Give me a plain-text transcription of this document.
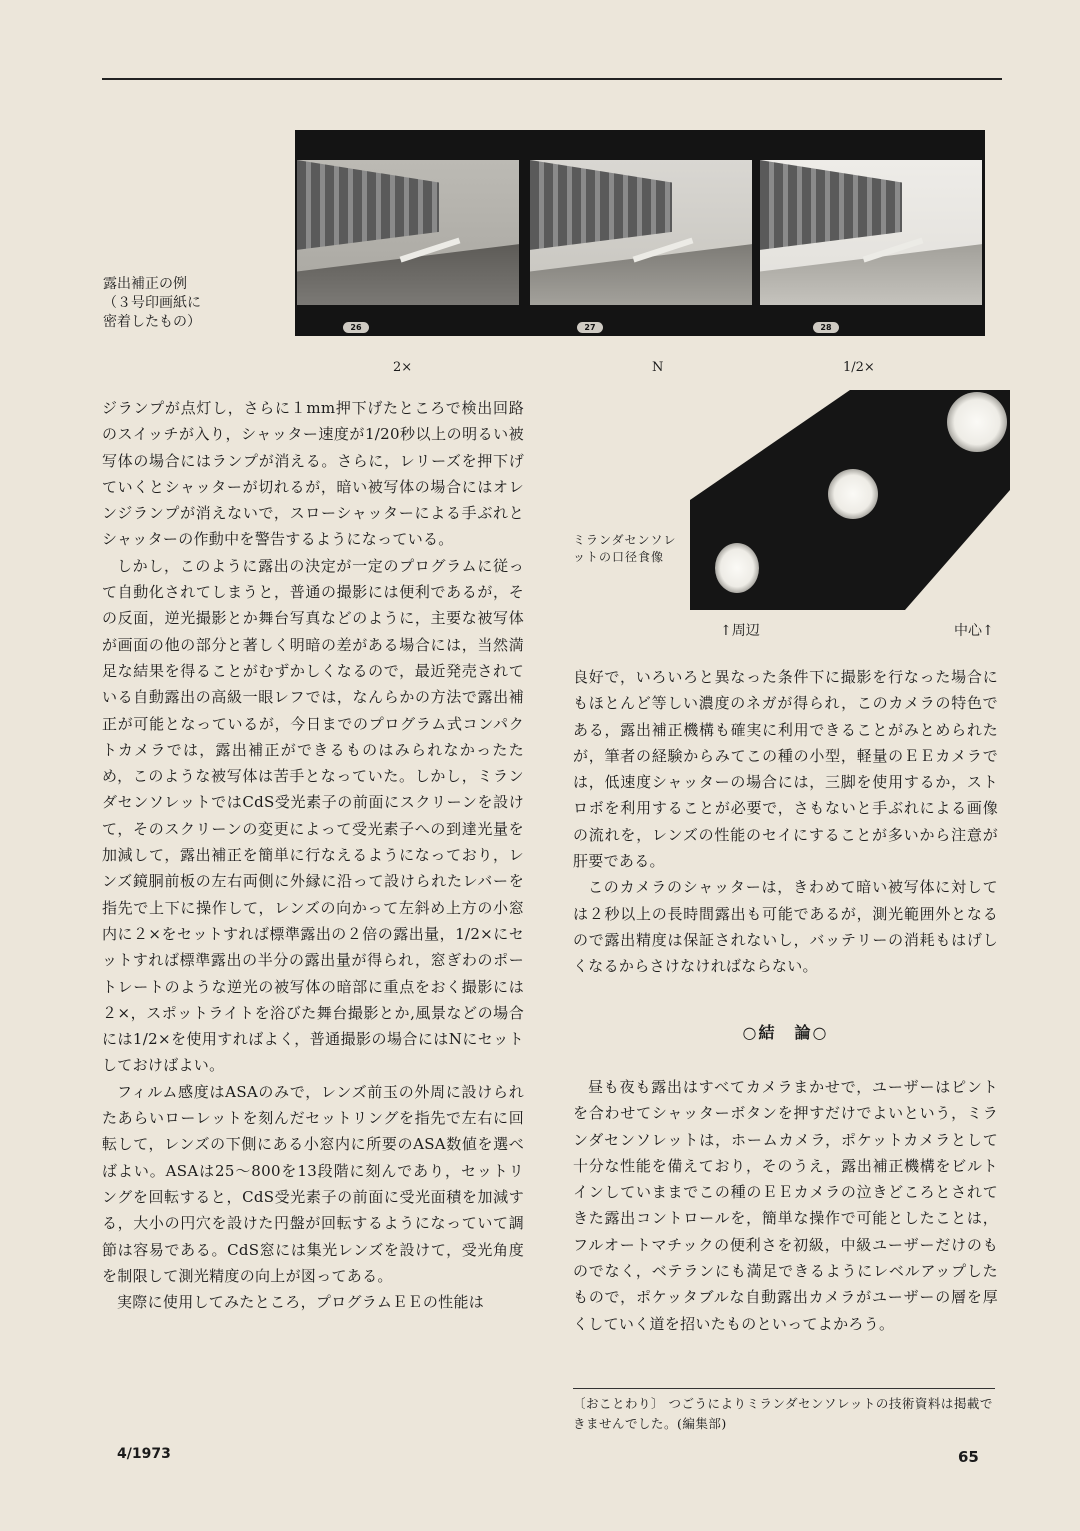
26	27	28
露出補正の例
（３号印画紙に
密着したもの）
2×	N	1/2×
ミランダセンソレットの口径食像
↑周辺	中心↑

ジランプが点灯し，さらに１mm押下げたところで検出回路のスイッチが入り，シャッター速度が1/20秒以上の明るい被写体の場合にはランプが消える。さらに，レリーズを押下げていくとシャッターが切れるが，暗い被写体の場合にはオレンジランプが消えないで，スローシャッターによる手ぶれとシャッターの作動中を警告するようになっている。

しかし，このように露出の決定が一定のプログラムに従って自動化されてしまうと，普通の撮影には便利であるが，その反面，逆光撮影とか舞台写真などのように，主要な被写体が画面の他の部分と著しく明暗の差がある場合には，当然満足な結果を得ることがむずかしくなるので，最近発売されている自動露出の高級一眼レフでは，なんらかの方法で露出補正が可能となっているが，今日までのプログラム式コンパクトカメラでは，露出補正ができるものはみられなかったため，このような被写体は苦手となっていた。しかし，ミランダセンソレットではCdS受光素子の前面にスクリーンを設けて，そのスクリーンの変更によって受光素子への到達光量を加減して，露出補正を簡単に行なえるようになっており，レンズ鏡胴前板の左右両側に外縁に沿って設けられたレバーを指先で上下に操作して，レンズの向かって左斜め上方の小窓内に２×をセットすれば標準露出の２倍の露出量，1/2×にセットすれば標準露出の半分の露出量が得られ，窓ぎわのポートレートのような逆光の被写体の暗部に重点をおく撮影には２×，スポットライトを浴びた舞台撮影とか,風景などの場合には1/2×を使用すればよく，普通撮影の場合にはNにセットしておけばよい。

フィルム感度はASAのみで，レンズ前玉の外周に設けられたあらいローレットを刻んだセットリングを指先で左右に回転して，レンズの下側にある小窓内に所要のASA数値を選べばよい。ASAは25〜800を13段階に刻んであり，セットリングを回転すると，CdS受光素子の前面に受光面積を加減する，大小の円穴を設けた円盤が回転するようになっていて調節は容易である。CdS窓には集光レンズを設けて，受光角度を制限して測光精度の向上が図ってある。

実際に使用してみたところ，プログラムＥＥの性能は

良好で，いろいろと異なった条件下に撮影を行なった場合にもほとんど等しい濃度のネガが得られ，このカメラの特色である，露出補正機構も確実に利用できることがみとめられたが，筆者の経験からみてこの種の小型，軽量のＥＥカメラでは，低速度シャッターの場合には，三脚を使用するか，ストロボを利用することが必要で，さもないと手ぶれによる画像の流れを，レンズの性能のセイにすることが多いから注意が肝要である。

このカメラのシャッターは，きわめて暗い被写体に対しては２秒以上の長時間露出も可能であるが，測光範囲外となるので露出精度は保証されないし，バッテリーの消耗もはげしくなるからさけなければならない。

○結　論○

昼も夜も露出はすべてカメラまかせで，ユーザーはピントを合わせてシャッターボタンを押すだけでよいという，ミランダセンソレットは，ホームカメラ，ポケットカメラとして十分な性能を備えており，そのうえ，露出補正機構をビルトインしていままでこの種のＥＥカメラの泣きどころとされてきた露出コントロールを，簡単な操作で可能としたことは，フルオートマチックの便利さを初級，中級ユーザーだけのものでなく，ベテランにも満足できるようにレベルアップしたもので，ポケッタブルな自動露出カメラがユーザーの層を厚くしていく道を招いたものといってよかろう。

〔おことわり〕 つごうによりミランダセンソレットの技術資料は掲載できませんでした。(編集部)
4/1973	65
